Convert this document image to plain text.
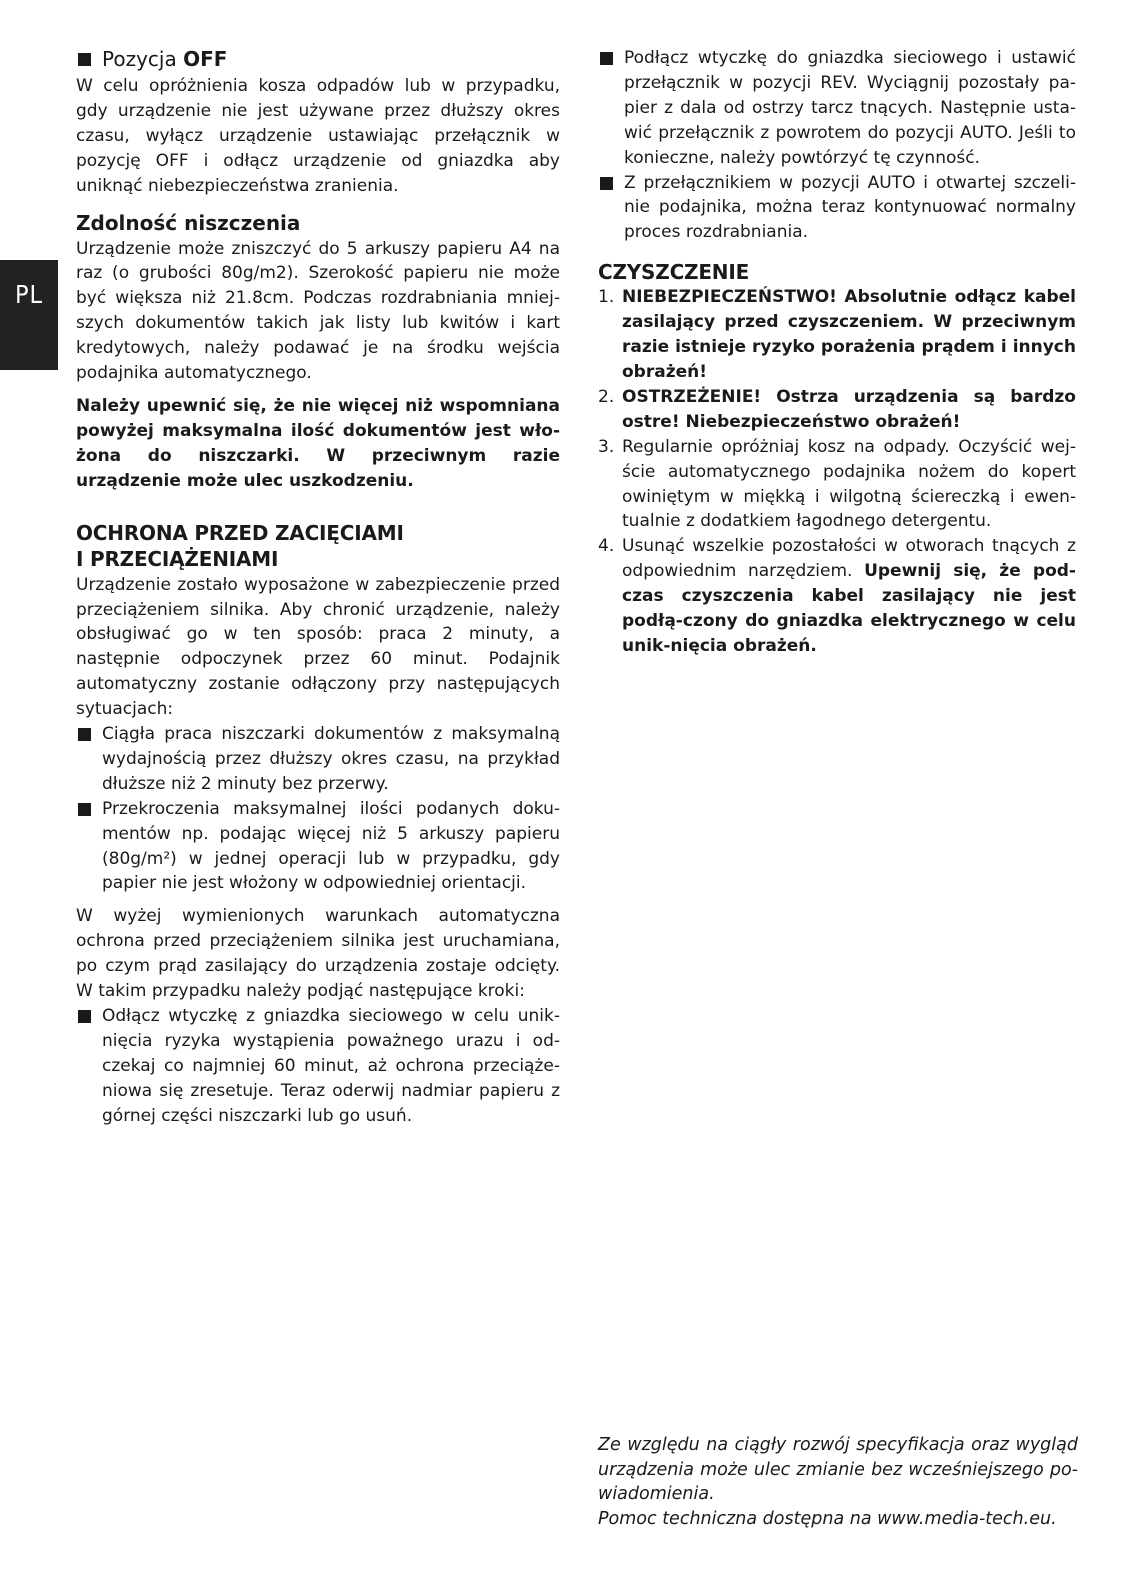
PL
Pozycja OFF

W celu opróżnienia kosza odpadów lub w przypadku, gdy urządzenie nie jest używane przez dłuższy okres czasu, wyłącz urządzenie ustawiając przełącznik w pozycję OFF i odłącz urządzenie od gniazdka aby uniknąć niebezpieczeństwa zranienia.

Zdolność niszczenia

Urządzenie może zniszczyć do 5 arkuszy papieru A4 na raz (o grubości 80g/m2). Szerokość papieru nie może być większa niż 21.8cm. Podczas rozdrabniania mniej-szych dokumentów takich jak listy lub kwitów i kart kredytowych, należy podawać je na środku wejścia podajnika automatycznego.

Należy upewnić się, że nie więcej niż wspomniana powyżej maksymalna ilość dokumentów jest wło-żona do niszczarki. W przeciwnym razie urządzenie może ulec uszkodzeniu.

OCHRONA PRZED ZACIĘCIAMI
I PRZECIĄŻENIAMI

Urządzenie zostało wyposażone w zabezpieczenie przed przeciążeniem silnika. Aby chronić urządzenie, należy obsługiwać go w ten sposób: praca 2 minuty, a następnie odpoczynek przez 60 minut. Podajnik automatyczny zostanie odłączony przy następujących sytuacjach:

Ciągła praca niszczarki dokumentów z maksymalną wydajnością przez dłuższy okres czasu, na przykład dłuższe niż 2 minuty bez przerwy.
Przekroczenia maksymalnej ilości podanych doku-mentów np. podając więcej niż 5 arkuszy papieru (80g/m²) w jednej operacji lub w przypadku, gdy papier nie jest włożony w odpowiedniej orientacji.

W wyżej wymienionych warunkach automatyczna ochrona przed przeciążeniem silnika jest uruchamiana, po czym prąd zasilający do urządzenia zostaje odcięty. W takim przypadku należy podjąć następujące kroki:

Odłącz wtyczkę z gniazdka sieciowego w celu unik-nięcia ryzyka wystąpienia poważnego urazu i od-czekaj co najmniej 60 minut, aż ochrona przeciąże-niowa się zresetuje. Teraz oderwij nadmiar papieru z górnej części niszczarki lub go usuń.
Podłącz wtyczkę do gniazdka sieciowego i ustawić przełącznik w pozycji REV. Wyciągnij pozostały pa-pier z dala od ostrzy tarcz tnących. Następnie usta-wić przełącznik z powrotem do pozycji AUTO. Jeśli to konieczne, należy powtórzyć tę czynność.
Z przełącznikiem w pozycji AUTO i otwartej szczeli-nie podajnika, można teraz kontynuować normalny proces rozdrabniania.
CZYSZCZENIE
1. NIEBEZPIECZEŃSTWO! Absolutnie odłącz kabel zasilający przed czyszczeniem. W przeciwnym razie istnieje ryzyko porażenia prądem i innych obrażeń!
2. OSTRZEŻENIE! Ostrza urządzenia są bardzo ostre! Niebezpieczeństwo obrażeń!
3. Regularnie opróżniaj kosz na odpady. Oczyścić wej-ście automatycznego podajnika nożem do kopert owiniętym w miękką i wilgotną ściereczką i ewen-tualnie z dodatkiem łagodnego detergentu.
4. Usunąć wszelkie pozostałości w otworach tnących z odpowiednim narzędziem. Upewnij się, że pod-czas czyszczenia kabel zasilający nie jest podłą-czony do gniazdka elektrycznego w celu unik-nięcia obrażeń.

Ze względu na ciągły rozwój specyfikacja oraz wygląd urządzenia może ulec zmianie bez wcześniejszego po-wiadomienia.

Pomoc techniczna dostępna na www.media-tech.eu.
